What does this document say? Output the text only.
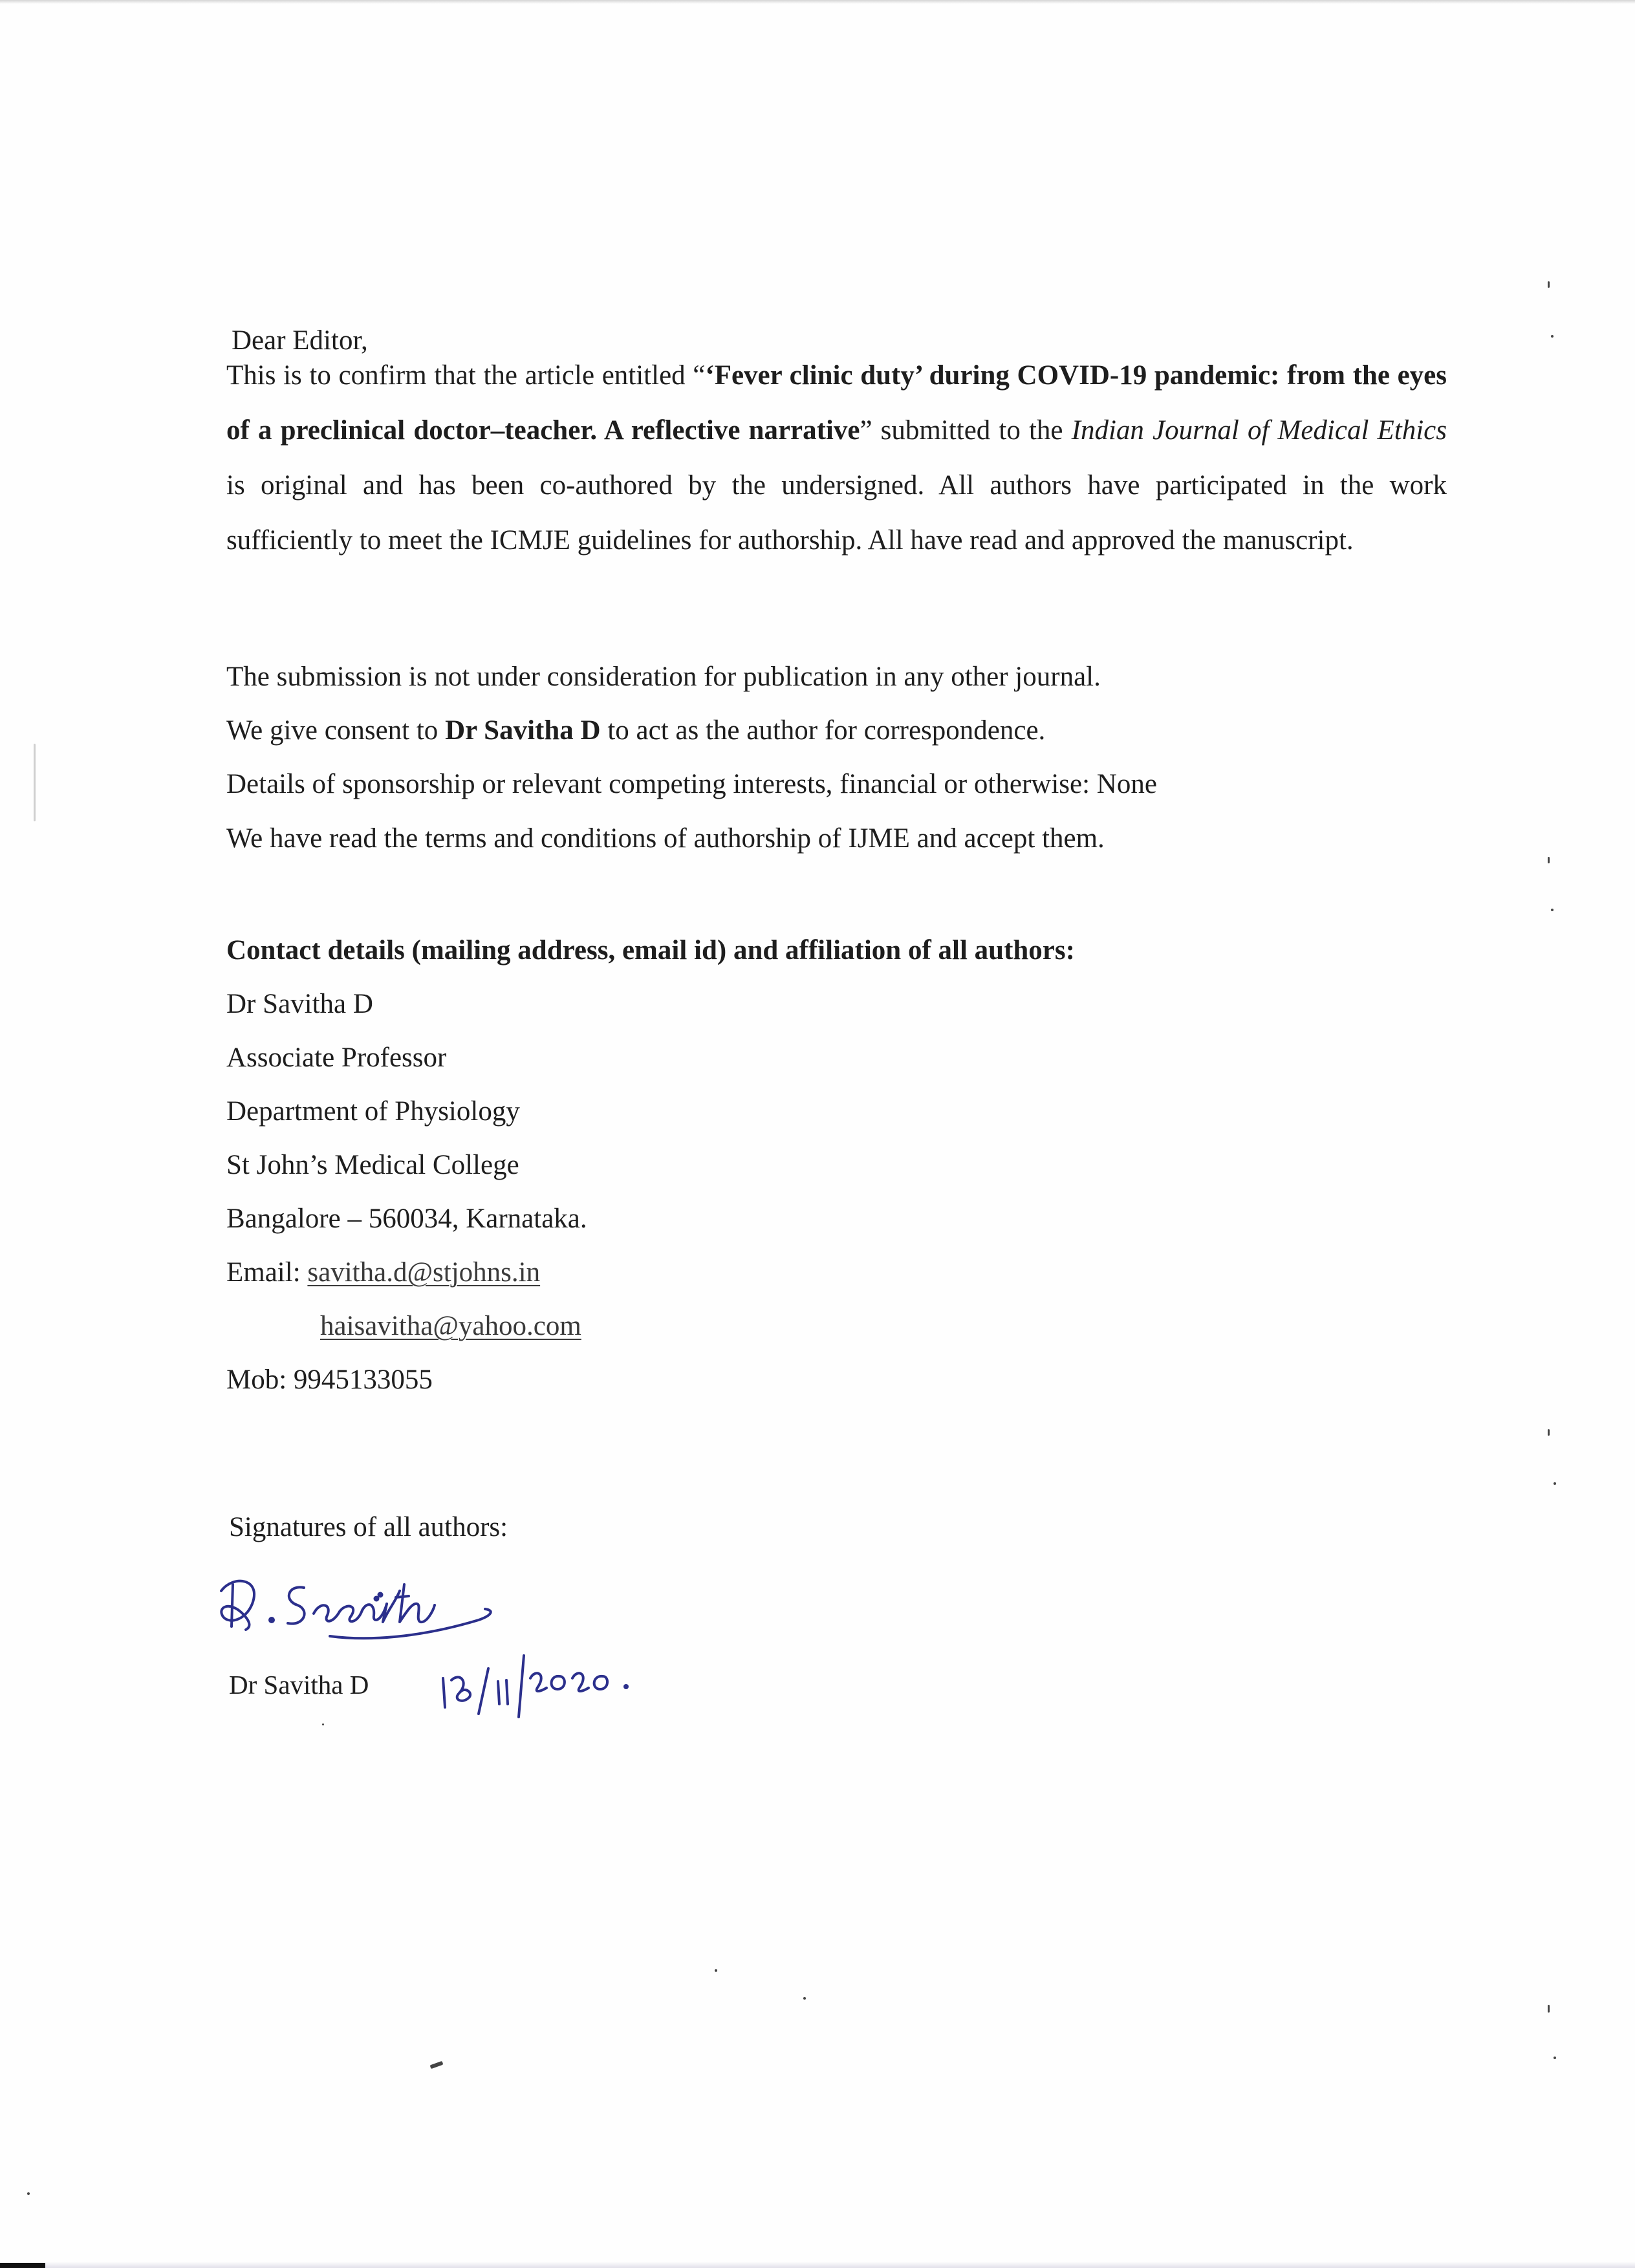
Dear Editor,
This is to confirm that the article entitled “‘Fever clinic duty’ during COVID-19 pandemic: from the eyes of a preclinical doctor–teacher. A reflective narrative” submitted to the Indian Journal of Medical Ethics is original and has been co-authored by the undersigned. All authors have participated in the work sufficiently to meet the ICMJE guidelines for authorship. All have read and approved the manuscript.
The submission is not under consideration for publication in any other journal.
We give consent to Dr Savitha D to act as the author for correspondence.
Details of sponsorship or relevant competing interests, financial or otherwise: None
We have read the terms and conditions of authorship of IJME and accept them.
Contact details (mailing address, email id) and affiliation of all authors:
Dr Savitha D
Associate Professor
Department of Physiology
St John’s Medical College
Bangalore – 560034, Karnataka.
Email: savitha.d@stjohns.in
haisavitha@yahoo.com
Mob: 9945133055
Signatures of all authors:
Dr Savitha D
